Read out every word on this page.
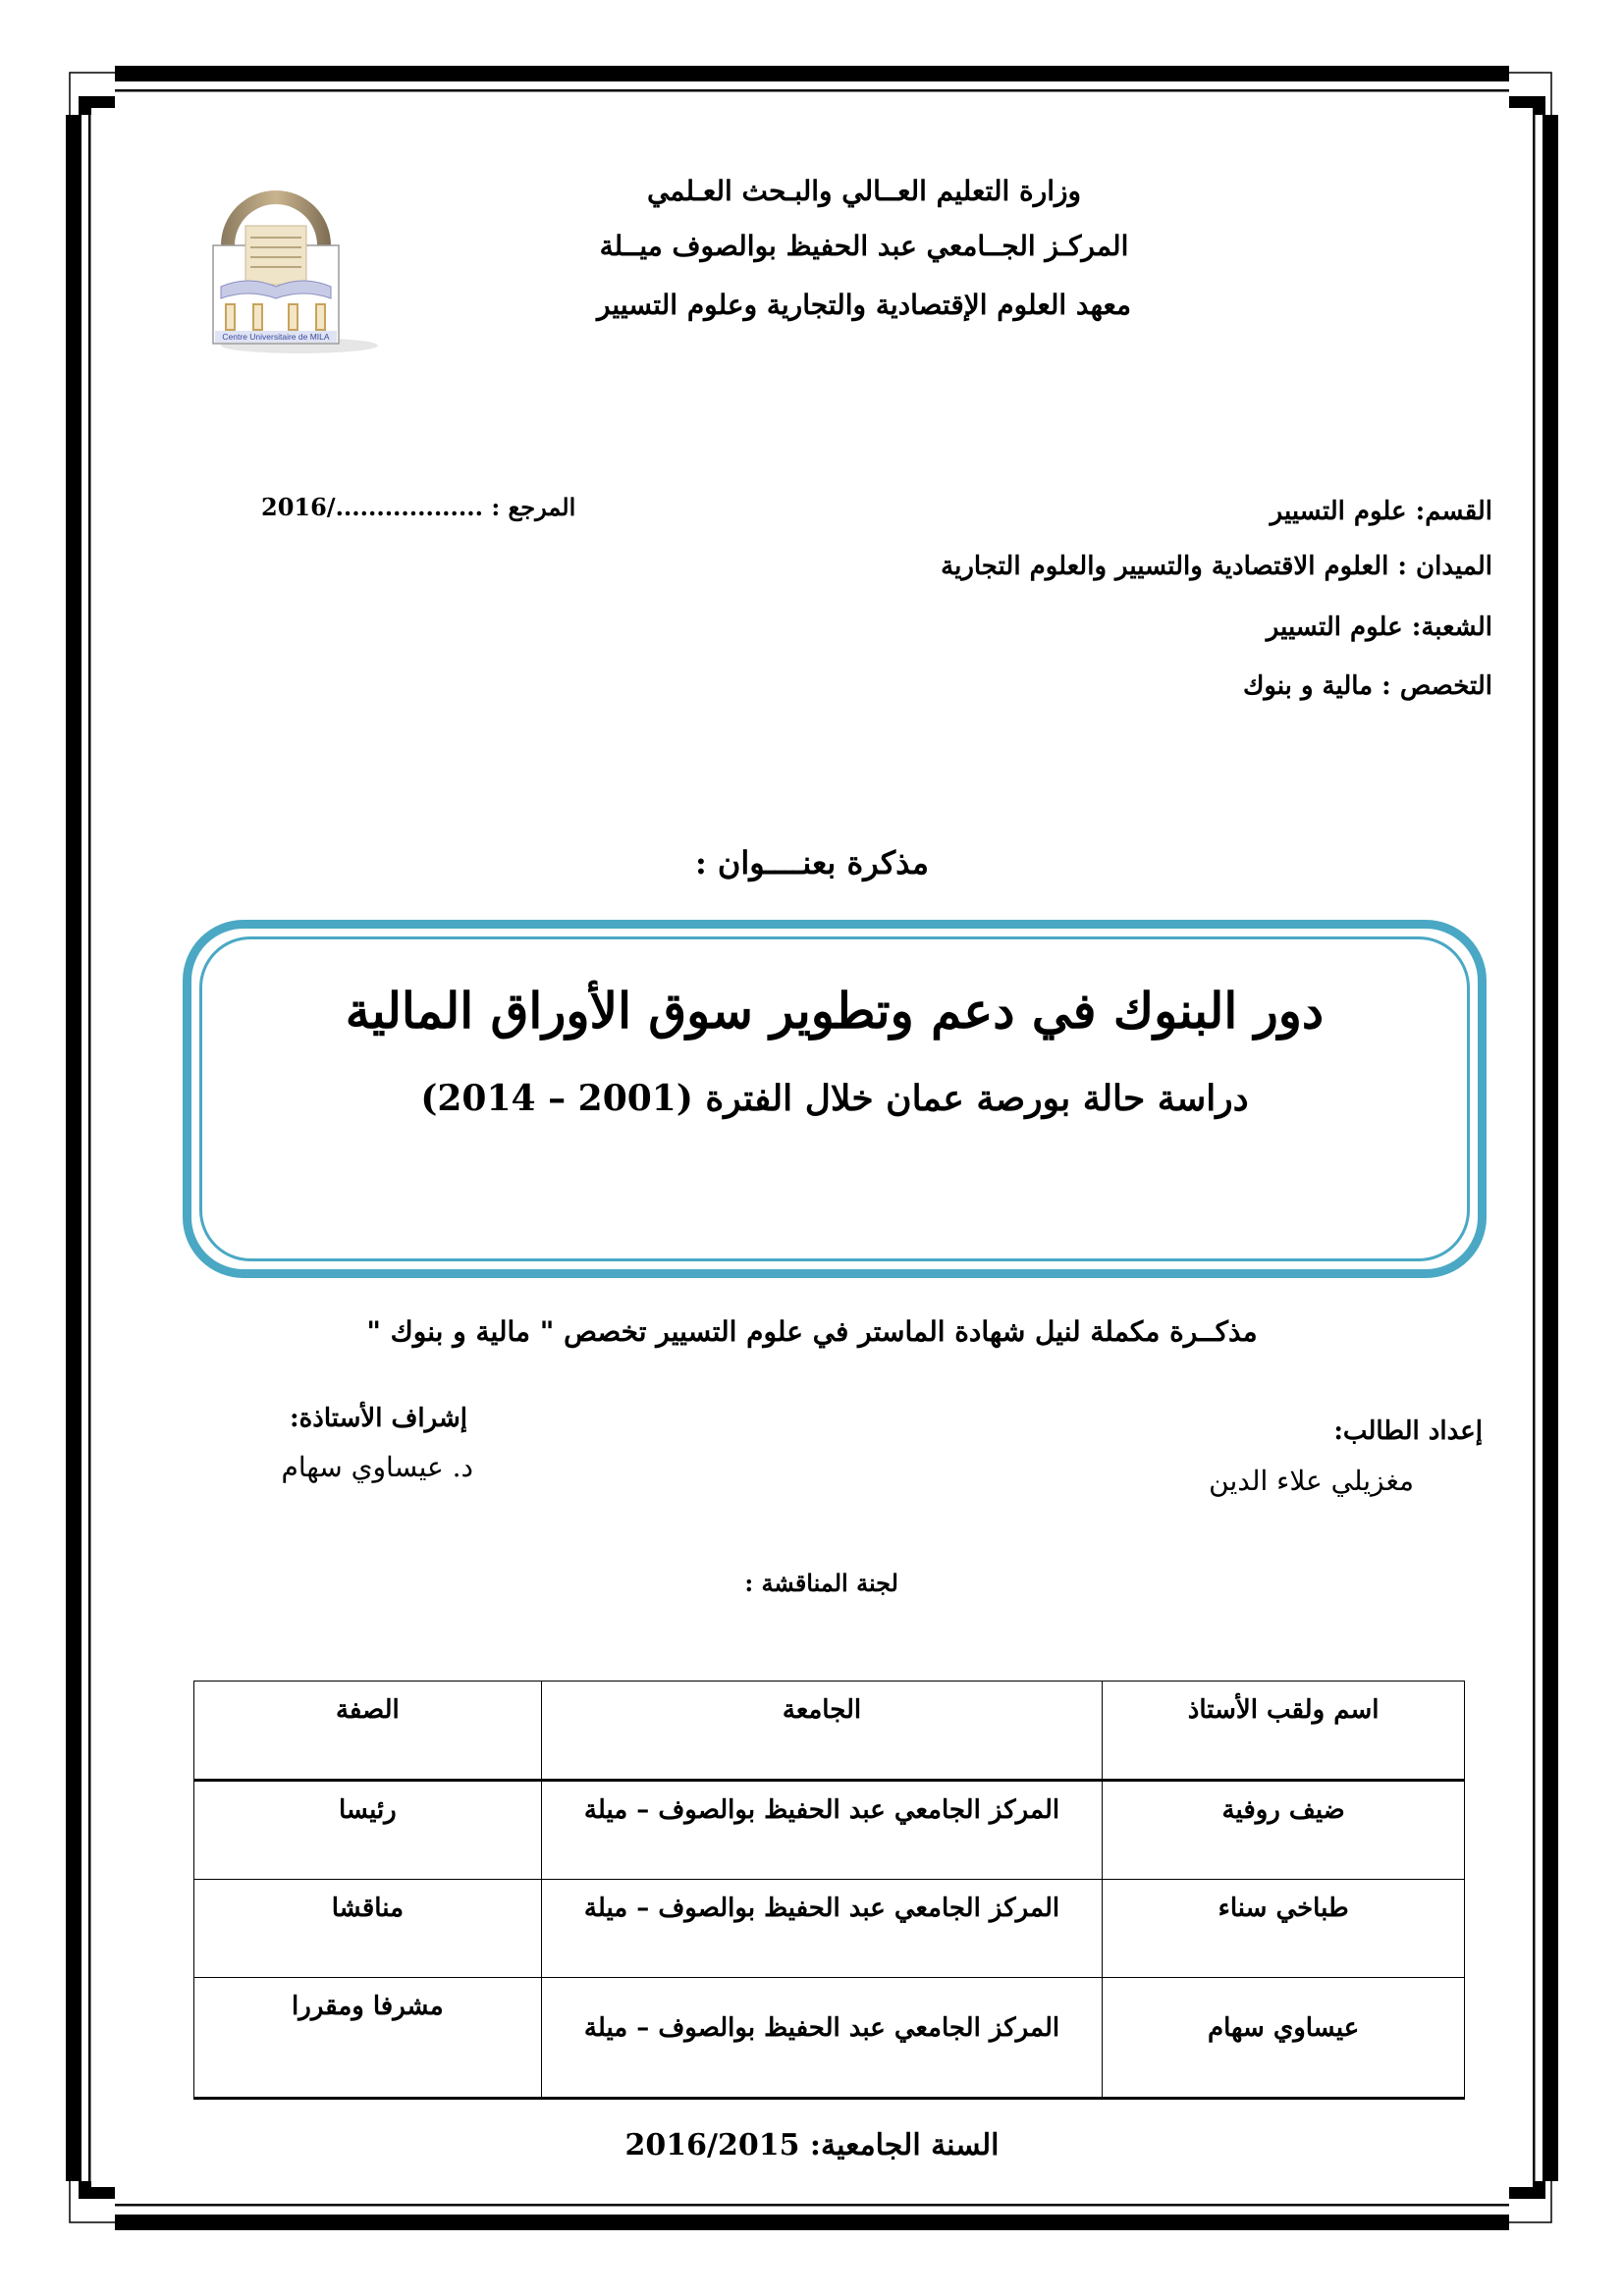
Centre Universitaire de MILA
وزارة التعليم العــالي والبـحث العـلمي
المركـز الجــامعي عبد الحفيظ بوالصوف ميــلة
معهد العلوم الإقتصادية والتجارية وعلوم التسيير
القسم: علوم التسيير
الميدان : العلوم الاقتصادية والتسيير والعلوم التجارية
الشعبة: علوم التسيير
التخصص : مالية و بنوك
المرجع : ................../2016
مذكرة بعنــــوان :
دور البنوك في دعم وتطوير سوق الأوراق المالية
دراسة حالة بورصة عمان خلال الفترة (2001 – 2014)
مذكــرة مكملة لنيل شهادة الماستر في علوم التسيير تخصص " مالية و بنوك "
إعداد الطالب:
مغزيلي علاء الدين
إشراف الأستاذة:
د. عيساوي سهام
لجنة المناقشة :
اسم ولقب الأستاذ	الجامعة	الصفة
ضيف روفية	المركز الجامعي عبد الحفيظ بوالصوف – ميلة	رئيسا
طباخي سناء	المركز الجامعي عبد الحفيظ بوالصوف – ميلة	مناقشا
عيساوي سهام	المركز الجامعي عبد الحفيظ بوالصوف – ميلة	مشرفا ومقررا
السنة الجامعية: 2016/2015
